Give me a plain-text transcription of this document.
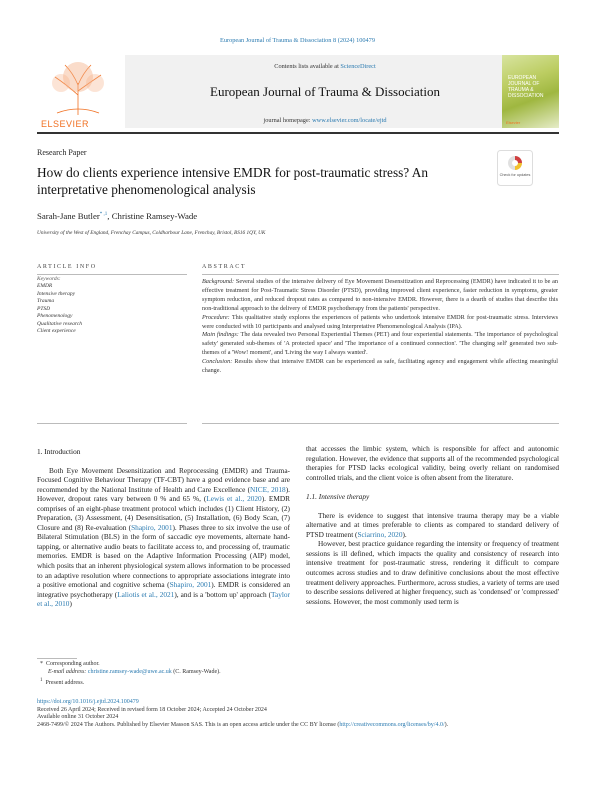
European Journal of Trauma & Dissociation 8 (2024) 100479
ELSEVIER
Contents lists available at ScienceDirect
European Journal of Trauma & Dissociation
journal homepage: www.elsevier.com/locate/ejtd
EUROPEAN JOURNAL OF TRAUMA & DISSOCIATION
Elsevier
Research Paper
How do clients experience intensive EMDR for post-traumatic stress? An interpretative phenomenological analysis
Check for updates
Sarah-Jane Butler$^{* ,1}$, Christine Ramsey-Wade
University of the West of England, Frenchay Campus, Coldharbour Lane, Frenchay, Bristol, BS16 1QY, UK
ARTICLE INFO	ABSTRACT
Keywords:
EMDR
Intensive therapy
Trauma
PTSD
Phenomenology
Qualitative research
Client experience

Background: Several studies of the intensive delivery of Eye Movement Desensitization and Reprocessing (EMDR) have indicated it to be an effective treatment for Post-Traumatic Stress Disorder (PTSD), providing improved client experience, faster reduction in symptoms, greater symptom reduction, and reduced dropout rates as compared to non-intensive EMDR. However, there is a dearth of studies that describe this non-traditional approach to the delivery of EMDR psychotherapy from the patients' perspective.

Procedure: This qualitative study explores the experiences of patients who undertook intensive EMDR for post-traumatic stress. Interviews were conducted with 10 participants and analysed using Interpretative Phenomenological Analysis (IPA).

Main findings: The data revealed two Personal Experiential Themes (PET) and four experiential statements. 'The importance of psychological safety' generated sub-themes of 'A protected space' and 'The importance of a continued connection'. 'The changing self' generated two sub-themes of a 'Wow! moment', and 'Living the way I always wanted'.

Conclusion: Results show that intensive EMDR can be experienced as safe, facilitating agency and engagement while affecting meaningful change.

1. Introduction

Both Eye Movement Desensitization and Reprocessing (EMDR) and Trauma-Focused Cognitive Behaviour Therapy (TF-CBT) have a good evidence base and are recommended by the National Institute of Health and Care Excellence (NICE, 2018). However, dropout rates vary between 0 % and 65 %, (Lewis et al., 2020). EMDR comprises of an eight-phase treatment protocol which includes (1) Client History, (2) Preparation, (3) Assessment, (4) Desensitisation, (5) Installation, (6) Body Scan, (7) Closure and (8) Re-evaluation (Shapiro, 2001). Phases three to six involve the use of Bilateral Stimulation (BLS) in the form of saccadic eye movements, alternate hand-tapping, or alternative audio beats to facilitate access to, and processing of, traumatic memories. EMDR is based on the Adaptive Information Processing (AIP) model, which posits that an inherent physiological system allows information to be processed to an adaptive resolution where connections to appropriate associations integrate into a positive emotional and cognitive schema (Shapiro, 2001). EMDR is considered an integrative psychotherapy (Laliotis et al., 2021), and is a 'bottom up' approach (Taylor et al., 2010)

that accesses the limbic system, which is responsible for affect and autonomic regulation. However, the evidence that supports all of the recommended psychological therapies for PTSD lacks ecological validity, being overly reliant on randomised controlled trials, and the client voice is often absent from the literature.

1.1. Intensive therapy

There is evidence to suggest that intensive trauma therapy may be a viable alternative and at times preferable to clients as compared to standard delivery of PTSD treatment (Sciarrino, 2020).

However, best practice guidance regarding the intensity or frequency of treatment sessions is ill defined, which impacts the quality and consistency of research into intensive treatment for post-traumatic stress, rendering it difficult to compare outcomes across studies and to draw definitive conclusions about the most effective treatment delivery approaches. Furthermore, across studies, a variety of terms are used to describe sessions delivered at higher frequency, such as 'condensed' or 'compressed' sessions. However, the most commonly used term is

* Corresponding author.
E-mail address: christine.ramsey-wade@uwe.ac.uk (C. Ramsey-Wade).
$^1$ Present address.
https://doi.org/10.1016/j.ejtd.2024.100479
Received 26 April 2024; Received in revised form 18 October 2024; Accepted 24 October 2024
Available online 31 October 2024
2468-7499/© 2024 The Authors. Published by Elsevier Masson SAS. This is an open access article under the CC BY license (http://creativecommons.org/licenses/by/4.0/).
